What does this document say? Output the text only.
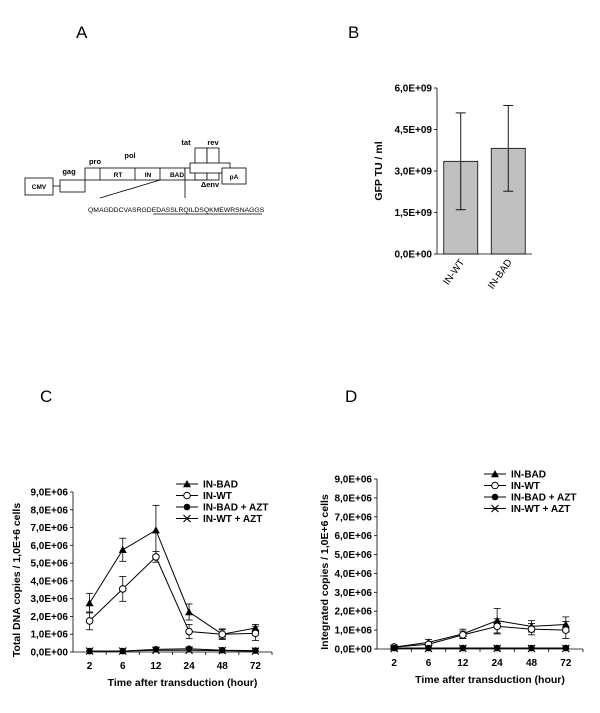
A	B
C	D
CMV
gag
pro
pol
RT	IN	BAD
tat rev
Δenv
pA
QMAGDDCVASRGDEDASSLRQILDSQKMEWRSNAGGS
0,0E+00
1,5E+09
3,0E+09
4,5E+09
6,0E+09
IN-WT IN-BAD
GFP TU / ml
0,0E+00
1,0E+06
2,0E+06
3,0E+06
4,0E+06
5,0E+06
6,0E+06
7,0E+06
8,0E+06
9,0E+06
2	6 12 24 48 72
Time after transduction (hour)
Total DNA copies / 1,0E+6 cells
IN-BAD
IN-WT
IN-BAD + AZT
IN-WT + AZT
0,0E+00
1,0E+06
2,0E+06
3,0E+06
4,0E+06
5,0E+06
6,0E+06
7,0E+06
8,0E+06
9,0E+06
2	6	12 24 48 72
Time after transduction (hour)
Integrated copies / 1,0E+6 cells
IN-BAD
IN-WT
IN-BAD + AZT
IN-WT + AZT
